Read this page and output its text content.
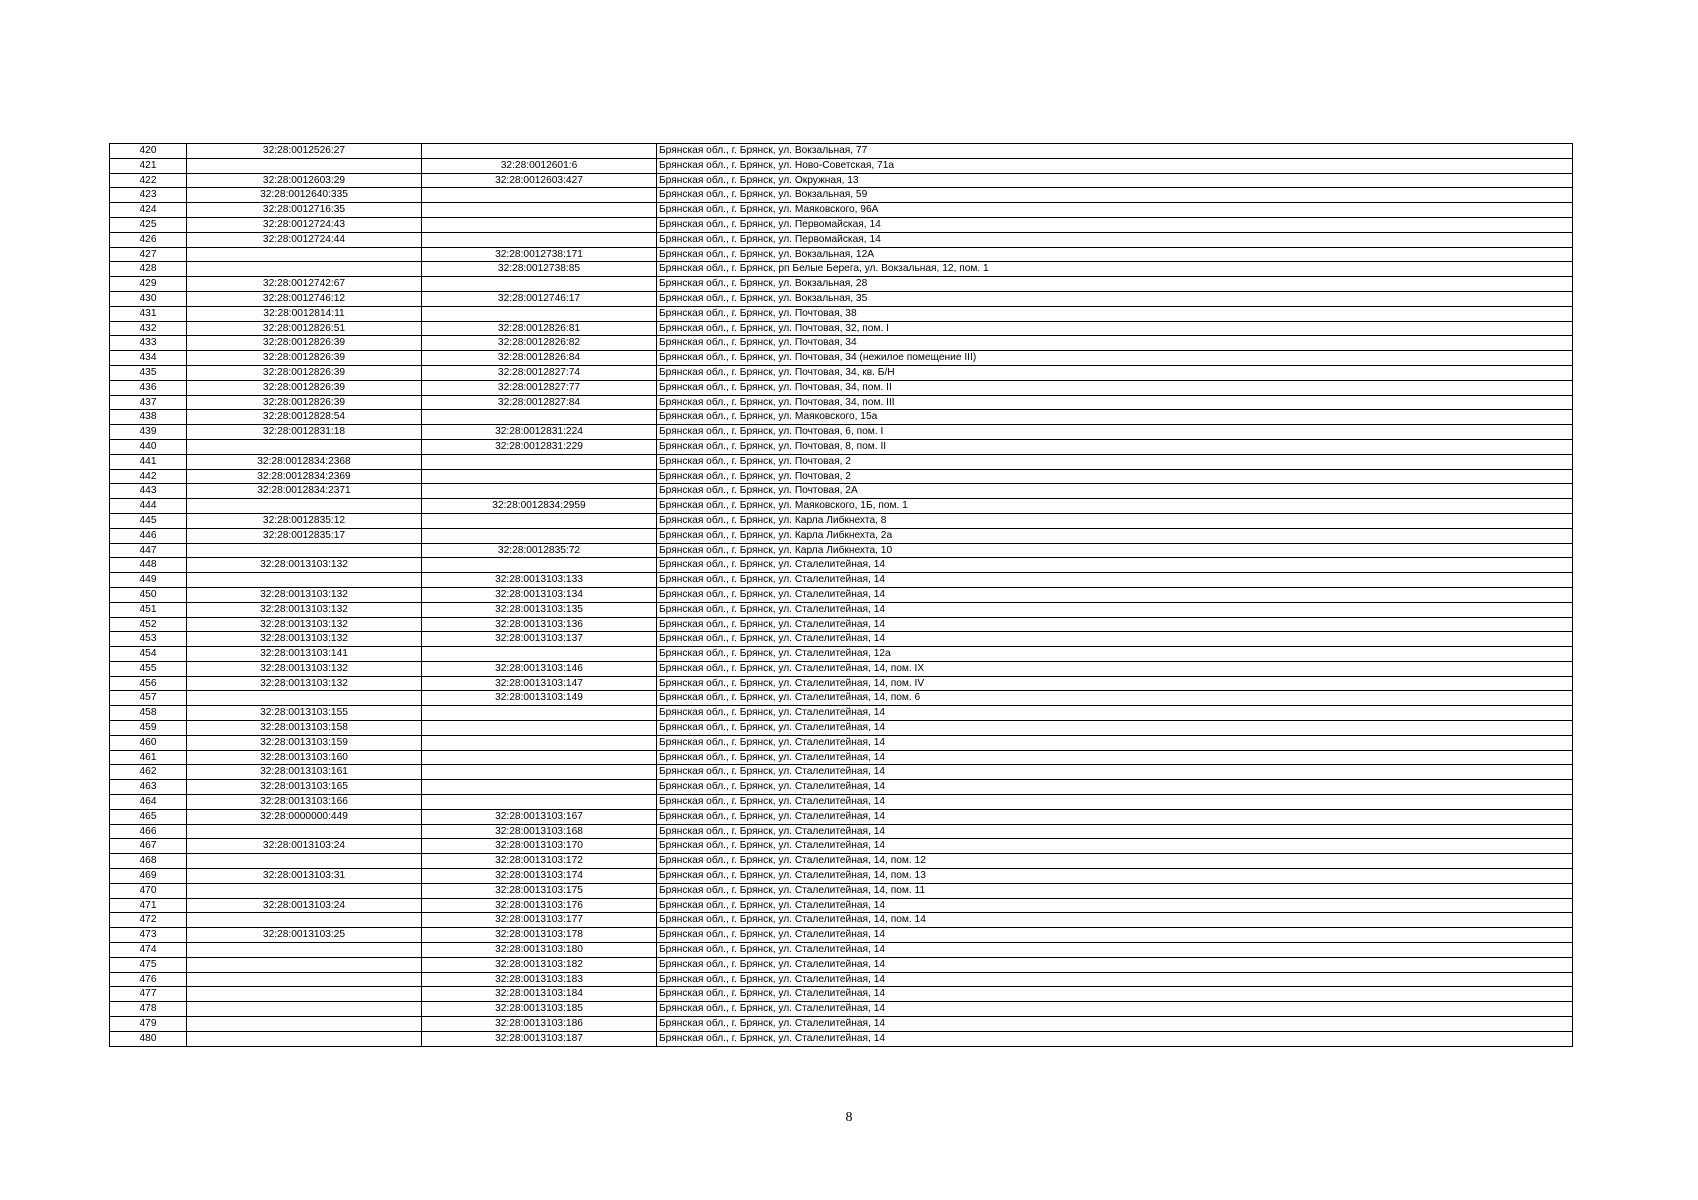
420	32:28:0012526:27		Брянская обл., г. Брянск, ул. Вокзальная, 77
421		32:28:0012601:6	Брянская обл., г. Брянск, ул. Ново-Советская, 71а
422	32:28:0012603:29	32:28:0012603:427	Брянская обл., г. Брянск, ул. Окружная, 13
423	32:28:0012640:335		Брянская обл., г. Брянск, ул. Вокзальная, 59
424	32:28:0012716:35		Брянская обл., г. Брянск, ул. Маяковского, 96А
425	32:28:0012724:43		Брянская обл., г. Брянск, ул. Первомайская, 14
426	32:28:0012724:44		Брянская обл., г. Брянск, ул. Первомайская, 14
427		32:28:0012738:171	Брянская обл., г. Брянск, ул. Вокзальная, 12А
428		32:28:0012738:85	Брянская обл., г. Брянск, рп Белые Берега, ул. Вокзальная, 12, пом. 1
429	32:28:0012742:67		Брянская обл., г. Брянск, ул. Вокзальная, 28
430	32:28:0012746:12	32:28:0012746:17	Брянская обл., г. Брянск, ул. Вокзальная, 35
431	32:28:0012814:11		Брянская обл., г. Брянск, ул. Почтовая, 38
432	32:28:0012826:51	32:28:0012826:81	Брянская обл., г. Брянск, ул. Почтовая, 32, пом. I
433	32:28:0012826:39	32:28:0012826:82	Брянская обл., г. Брянск, ул. Почтовая, 34
434	32:28:0012826:39	32:28:0012826:84	Брянская обл., г. Брянск, ул. Почтовая, 34 (нежилое помещение III)
435	32:28:0012826:39	32:28:0012827:74	Брянская обл., г. Брянск, ул. Почтовая, 34, кв. Б/Н
436	32:28:0012826:39	32:28:0012827:77	Брянская обл., г. Брянск, ул. Почтовая, 34, пом. II
437	32:28:0012826:39	32:28:0012827:84	Брянская обл., г. Брянск, ул. Почтовая, 34, пом. III
438	32:28:0012828:54		Брянская обл., г. Брянск, ул. Маяковского, 15а
439	32:28:0012831:18	32:28:0012831:224	Брянская обл., г. Брянск, ул. Почтовая, 6, пом. I
440		32:28:0012831:229	Брянская обл., г. Брянск, ул. Почтовая, 8, пом. II
441	32:28:0012834:2368		Брянская обл., г. Брянск, ул. Почтовая, 2
442	32:28:0012834:2369		Брянская обл., г. Брянск, ул. Почтовая, 2
443	32:28:0012834:2371		Брянская обл., г. Брянск, ул. Почтовая, 2А
444		32:28:0012834:2959	Брянская обл., г. Брянск, ул. Маяковского, 1Б, пом. 1
445	32:28:0012835:12		Брянская обл., г. Брянск, ул. Карла Либкнехта, 8
446	32:28:0012835:17		Брянская обл., г. Брянск, ул. Карла Либкнехта, 2а
447		32:28:0012835:72	Брянская обл., г. Брянск, ул. Карла Либкнехта, 10
448	32:28:0013103:132		Брянская обл., г. Брянск, ул. Сталелитейная, 14
449		32:28:0013103:133	Брянская обл., г. Брянск, ул. Сталелитейная, 14
450	32:28:0013103:132	32:28:0013103:134	Брянская обл., г. Брянск, ул. Сталелитейная, 14
451	32:28:0013103:132	32:28:0013103:135	Брянская обл., г. Брянск, ул. Сталелитейная, 14
452	32:28:0013103:132	32:28:0013103:136	Брянская обл., г. Брянск, ул. Сталелитейная, 14
453	32:28:0013103:132	32:28:0013103:137	Брянская обл., г. Брянск, ул. Сталелитейная, 14
454	32:28:0013103:141		Брянская обл., г. Брянск, ул. Сталелитейная, 12а
455	32:28:0013103:132	32:28:0013103:146	Брянская обл., г. Брянск, ул. Сталелитейная, 14, пом. IX
456	32:28:0013103:132	32:28:0013103:147	Брянская обл., г. Брянск, ул. Сталелитейная, 14, пом. IV
457		32:28:0013103:149	Брянская обл., г. Брянск, ул. Сталелитейная, 14, пом. 6
458	32:28:0013103:155		Брянская обл., г. Брянск, ул. Сталелитейная, 14
459	32:28:0013103:158		Брянская обл., г. Брянск, ул. Сталелитейная, 14
460	32:28:0013103:159		Брянская обл., г. Брянск, ул. Сталелитейная, 14
461	32:28:0013103:160		Брянская обл., г. Брянск, ул. Сталелитейная, 14
462	32:28:0013103:161		Брянская обл., г. Брянск, ул. Сталелитейная, 14
463	32:28:0013103:165		Брянская обл., г. Брянск, ул. Сталелитейная, 14
464	32:28:0013103:166		Брянская обл., г. Брянск, ул. Сталелитейная, 14
465	32:28:0000000:449	32:28:0013103:167	Брянская обл., г. Брянск, ул. Сталелитейная, 14
466		32:28:0013103:168	Брянская обл., г. Брянск, ул. Сталелитейная, 14
467	32:28:0013103:24	32:28:0013103:170	Брянская обл., г. Брянск, ул. Сталелитейная, 14
468		32:28:0013103:172	Брянская обл., г. Брянск, ул. Сталелитейная, 14, пом. 12
469	32:28:0013103:31	32:28:0013103:174	Брянская обл., г. Брянск, ул. Сталелитейная, 14, пом. 13
470		32:28:0013103:175	Брянская обл., г. Брянск, ул. Сталелитейная, 14, пом. 11
471	32:28:0013103:24	32:28:0013103:176	Брянская обл., г. Брянск, ул. Сталелитейная, 14
472		32:28:0013103:177	Брянская обл., г. Брянск, ул. Сталелитейная, 14, пом. 14
473	32:28:0013103:25	32:28:0013103:178	Брянская обл., г. Брянск, ул. Сталелитейная, 14
474		32:28:0013103:180	Брянская обл., г. Брянск, ул. Сталелитейная, 14
475		32:28:0013103:182	Брянская обл., г. Брянск, ул. Сталелитейная, 14
476		32:28:0013103:183	Брянская обл., г. Брянск, ул. Сталелитейная, 14
477		32:28:0013103:184	Брянская обл., г. Брянск, ул. Сталелитейная, 14
478		32:28:0013103:185	Брянская обл., г. Брянск, ул. Сталелитейная, 14
479		32:28:0013103:186	Брянская обл., г. Брянск, ул. Сталелитейная, 14
480		32:28:0013103:187	Брянская обл., г. Брянск, ул. Сталелитейная, 14
8
